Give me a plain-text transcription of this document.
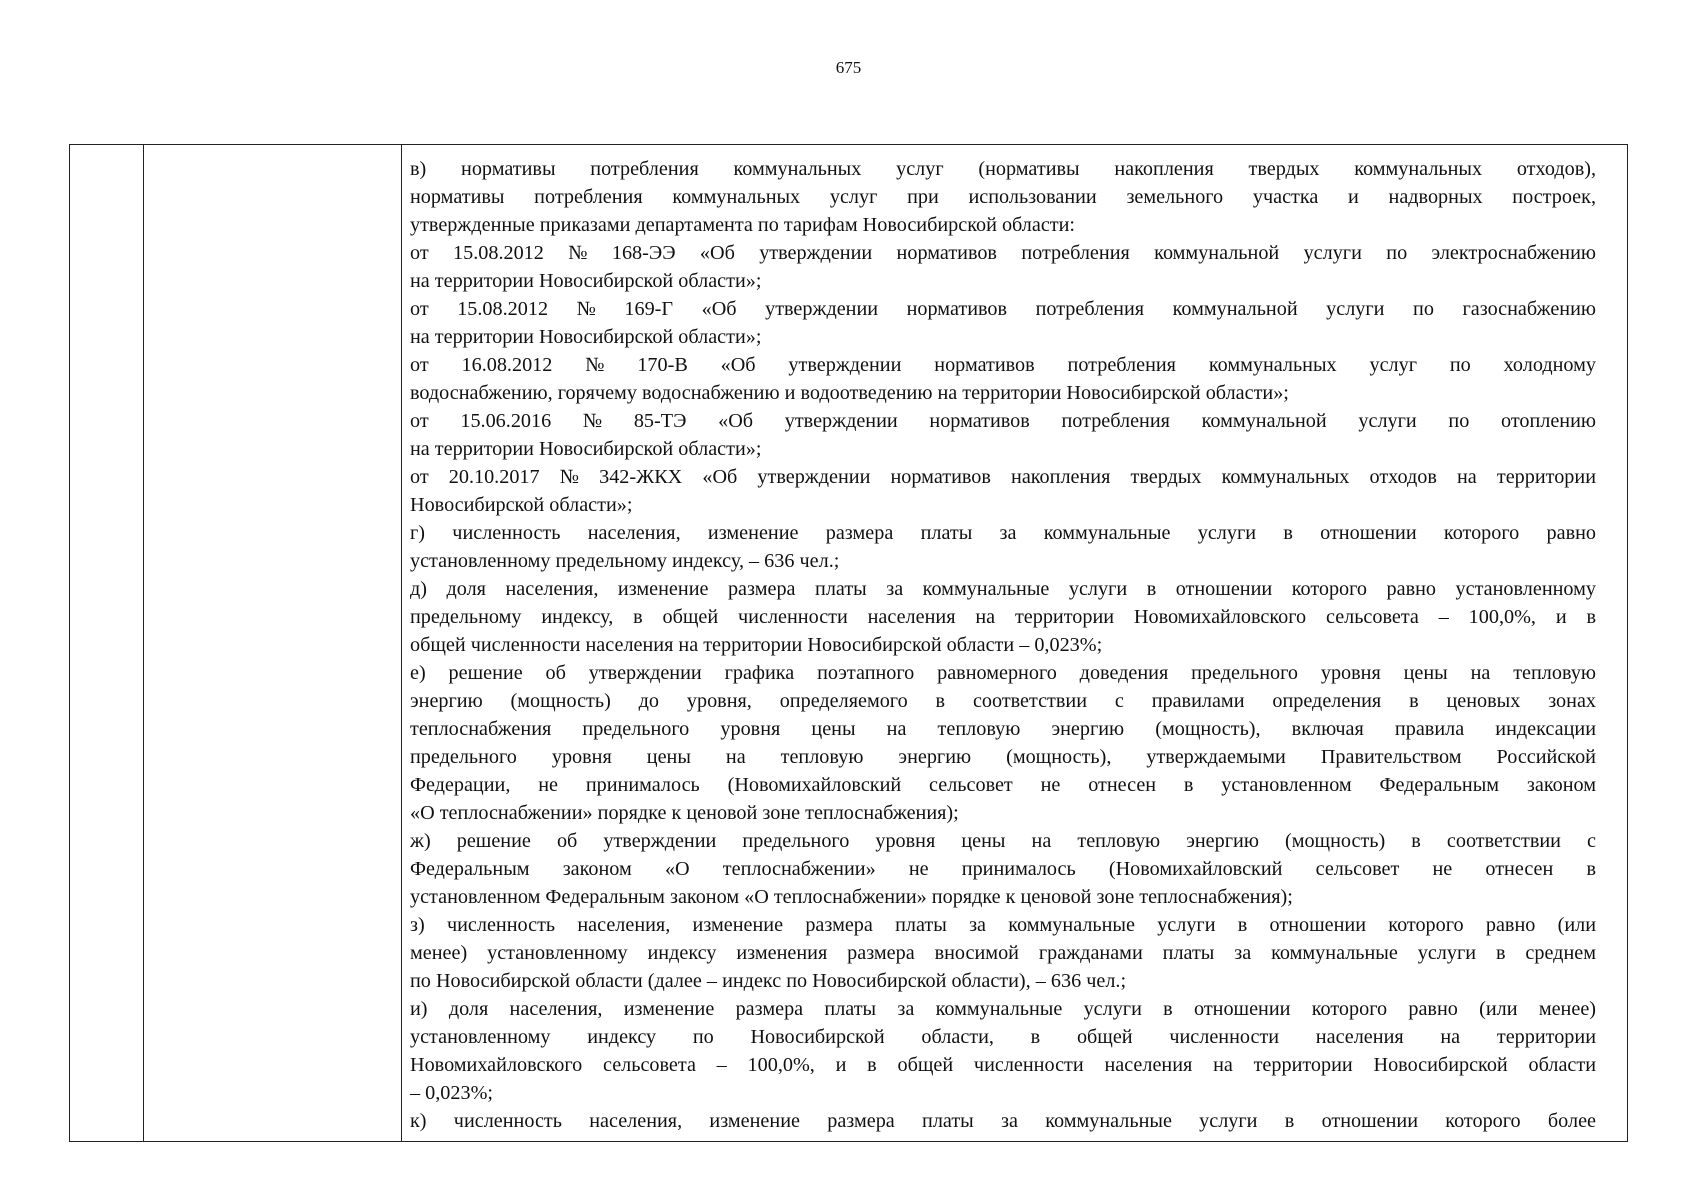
675
в) нормативы потребления коммунальных услуг (нормативы накопления твердых коммунальных отходов),
нормативы потребления коммунальных услуг при использовании земельного участка и надворных построек,
утвержденные приказами департамента по тарифам Новосибирской области:
от 15.08.2012 № 168-ЭЭ «Об утверждении нормативов потребления коммунальной услуги по электроснабжению
на территории Новосибирской области»;
от 15.08.2012 № 169-Г «Об утверждении нормативов потребления коммунальной услуги по газоснабжению
на территории Новосибирской области»;
от 16.08.2012 № 170-В «Об утверждении нормативов потребления коммунальных услуг по холодному
водоснабжению, горячему водоснабжению и водоотведению на территории Новосибирской области»;
от 15.06.2016 № 85-ТЭ «Об утверждении нормативов потребления коммунальной услуги по отоплению
на территории Новосибирской области»;
от 20.10.2017 № 342-ЖКХ «Об утверждении нормативов накопления твердых коммунальных отходов на территории
Новосибирской области»;
г) численность населения, изменение размера платы за коммунальные услуги в отношении которого равно
установленному предельному индексу, – 636 чел.;
д) доля населения, изменение размера платы за коммунальные услуги в отношении которого равно установленному
предельному индексу, в общей численности населения на территории Новомихайловского сельсовета – 100,0%, и в
общей численности населения на территории Новосибирской области – 0,023%;
е) решение об утверждении графика поэтапного равномерного доведения предельного уровня цены на тепловую
энергию (мощность) до уровня, определяемого в соответствии с правилами определения в ценовых зонах
теплоснабжения предельного уровня цены на тепловую энергию (мощность), включая правила индексации
предельного уровня цены на тепловую энергию (мощность), утверждаемыми Правительством Российской
Федерации, не принималось (Новомихайловский сельсовет не отнесен в установленном Федеральным законом
«О теплоснабжении» порядке к ценовой зоне теплоснабжения);
ж) решение об утверждении предельного уровня цены на тепловую энергию (мощность) в соответствии с
Федеральным законом «О теплоснабжении» не принималось (Новомихайловский сельсовет не отнесен в
установленном Федеральным законом «О теплоснабжении» порядке к ценовой зоне теплоснабжения);
з) численность населения, изменение размера платы за коммунальные услуги в отношении которого равно (или
менее) установленному индексу изменения размера вносимой гражданами платы за коммунальные услуги в среднем
по Новосибирской области (далее – индекс по Новосибирской области), – 636 чел.;
и) доля населения, изменение размера платы за коммунальные услуги в отношении которого равно (или менее)
установленному индексу по Новосибирской области, в общей численности населения на территории
Новомихайловского сельсовета – 100,0%, и в общей численности населения на территории Новосибирской области
– 0,023%;
к) численность населения, изменение размера платы за коммунальные услуги в отношении которого более
